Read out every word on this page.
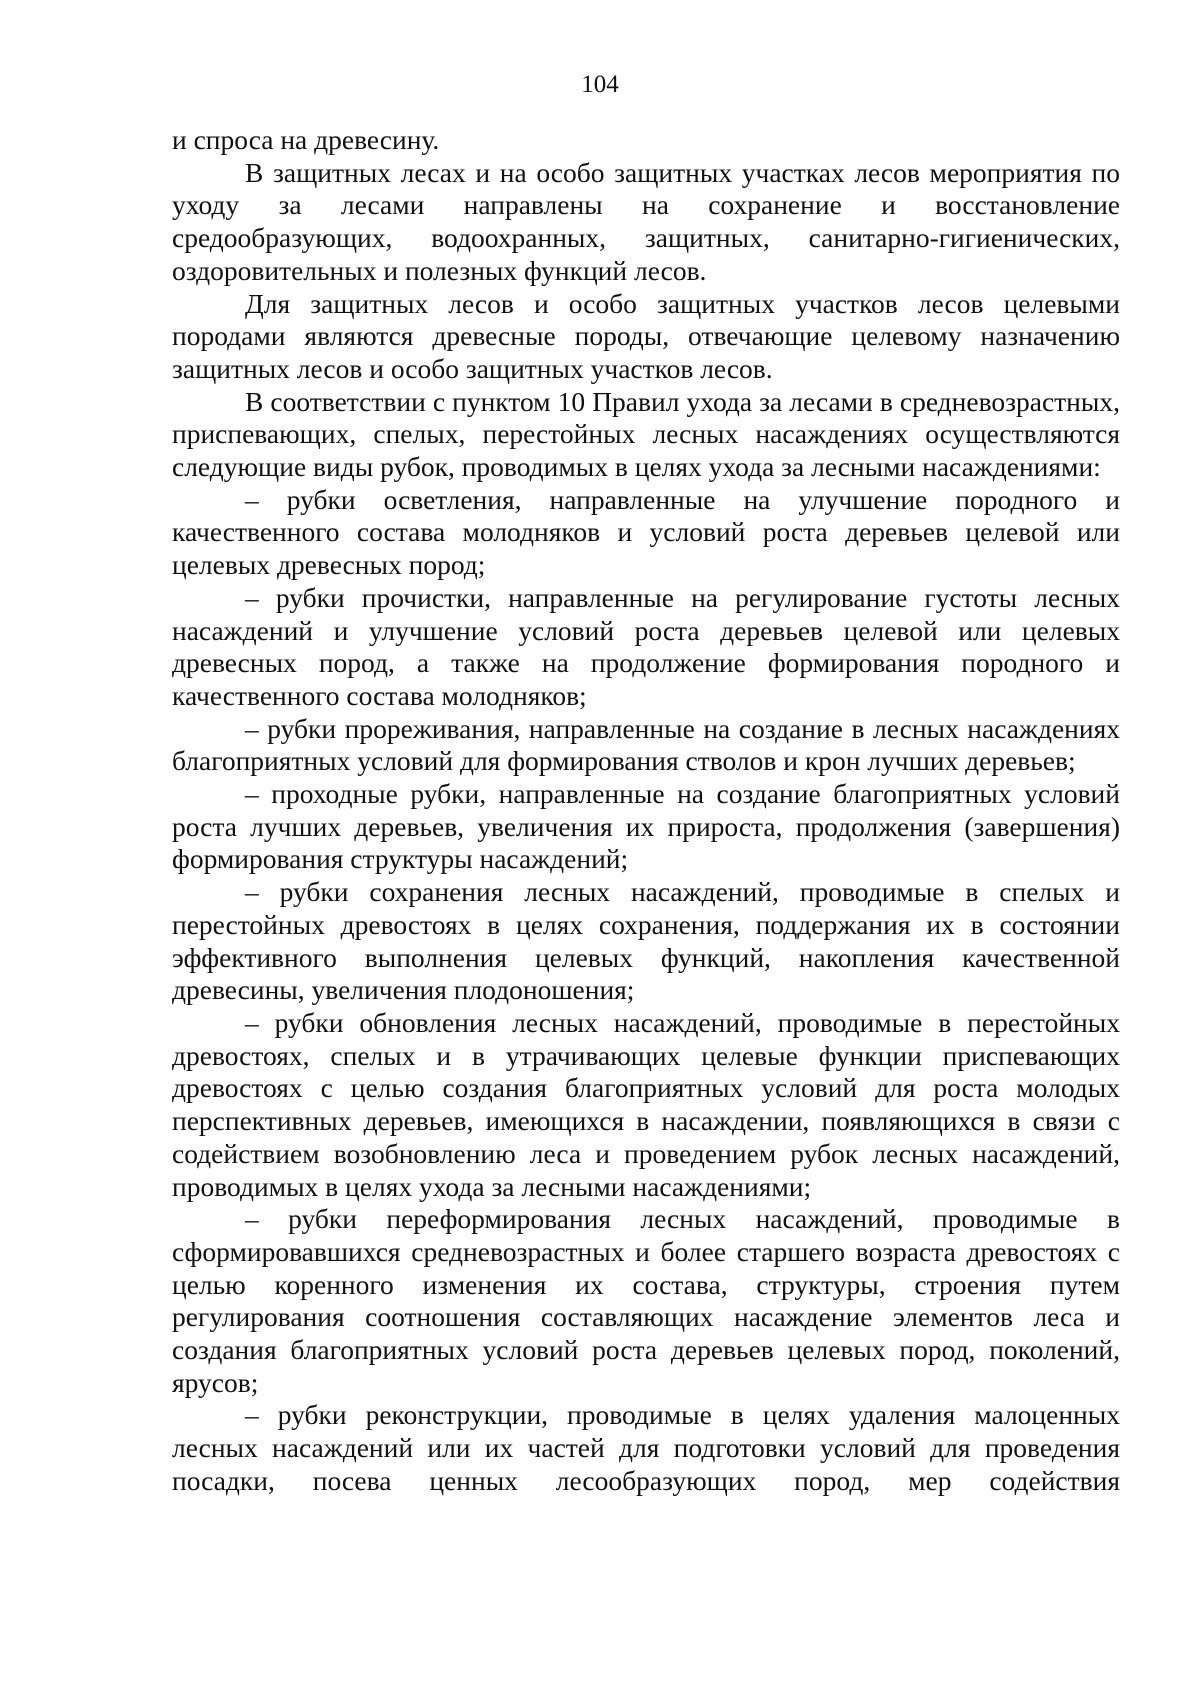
104

и спроса на древесину.

В защитных лесах и на особо защитных участках лесов мероприятия по уходу за лесами направлены на сохранение и восстановление средообразующих, водоохранных, защитных, санитарно-гигиенических, оздоровительных и полезных функций лесов.

Для защитных лесов и особо защитных участков лесов целевыми породами являются древесные породы, отвечающие целевому назначению защитных лесов и особо защитных участков лесов.

В соответствии с пунктом 10 Правил ухода за лесами в средневозрастных, приспевающих, спелых, перестойных лесных насаждениях осуществляются следующие виды рубок, проводимых в целях ухода за лесными насаждениями:

– рубки осветления, направленные на улучшение породного и качественного состава молодняков и условий роста деревьев целевой или целевых древесных пород;

– рубки прочистки, направленные на регулирование густоты лесных насаждений и улучшение условий роста деревьев целевой или целевых древесных пород, а также на продолжение формирования породного и качественного состава молодняков;

– рубки прореживания, направленные на создание в лесных насаждениях благоприятных условий для формирования стволов и крон лучших деревьев;

– проходные рубки, направленные на создание благоприятных условий роста лучших деревьев, увеличения их прироста, продолжения (завершения) формирования структуры насаждений;

– рубки сохранения лесных насаждений, проводимые в спелых и перестойных древостоях в целях сохранения, поддержания их в состоянии эффективного выполнения целевых функций, накопления качественной древесины, увеличения плодоношения;

– рубки обновления лесных насаждений, проводимые в перестойных древостоях, спелых и в утрачивающих целевые функции приспевающих древостоях с целью создания благоприятных условий для роста молодых перспективных деревьев, имеющихся в насаждении, появляющихся в связи с содействием возобновлению леса и проведением рубок лесных насаждений, проводимых в целях ухода за лесными насаждениями;

– рубки переформирования лесных насаждений, проводимые в сформировавшихся средневозрастных и более старшего возраста древостоях с целью коренного изменения их состава, структуры, строения путем регулирования соотношения составляющих насаждение элементов леса и создания благоприятных условий роста деревьев целевых пород, поколений, ярусов;

– рубки реконструкции, проводимые в целях удаления малоценных лесных насаждений или их частей для подготовки условий для проведения посадки, посева ценных лесообразующих пород, мер содействия
